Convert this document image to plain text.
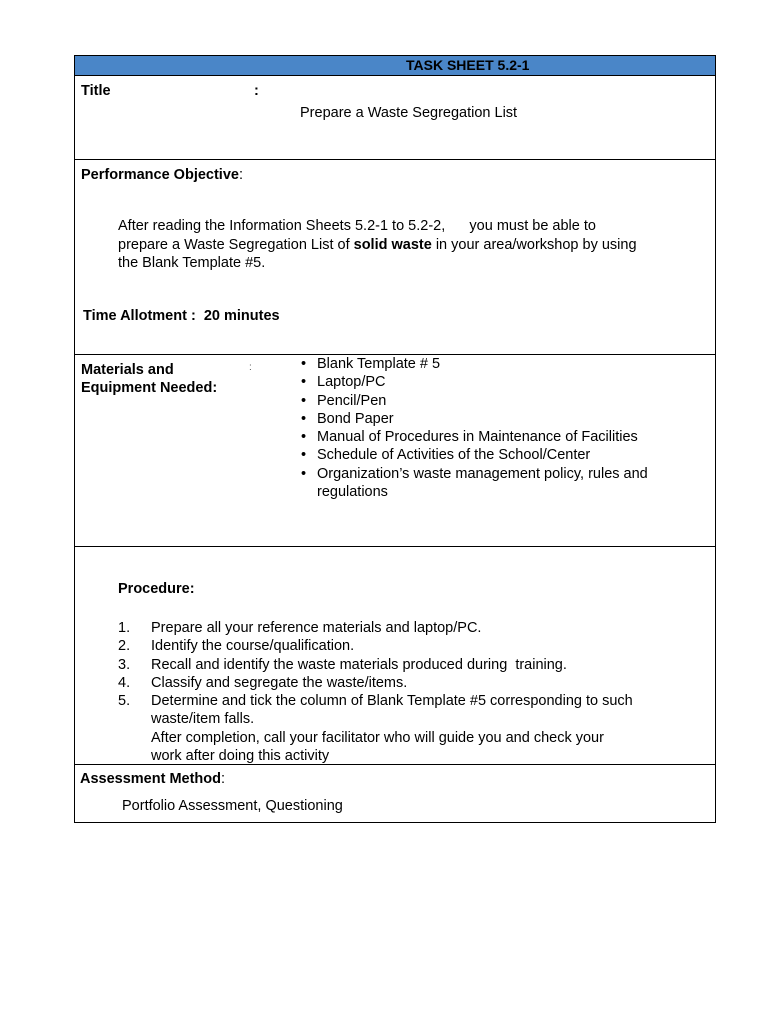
TASK SHEET 5.2-1
Title	:
Prepare a Waste Segregation List
Performance Objective:
After reading the Information Sheets 5.2-1 to 5.2-2,      you must be able to prepare a Waste Segregation List of solid waste in your area/workshop by using the Blank Template #5.
Time Allotment :  20 minutes
Materials and
Equipment Needed:
:
•	Blank Template # 5
• Laptop/PC
• Pencil/Pen
• Bond Paper
• Manual of Procedures in Maintenance of Facilities
• Schedule of Activities of the School/Center
• Organization’s waste management policy, rules and regulations
Procedure:
1. Prepare all your reference materials and laptop/PC.
2. Identify the course/qualification.
3. Recall and identify the waste materials produced during  training.
4. Classify and segregate the waste/items.
5. Determine and tick the column of Blank Template #5 corresponding to such waste/item falls.
After completion, call your facilitator who will guide you and check your work after doing this activity
Assessment Method:
Portfolio Assessment, Questioning
